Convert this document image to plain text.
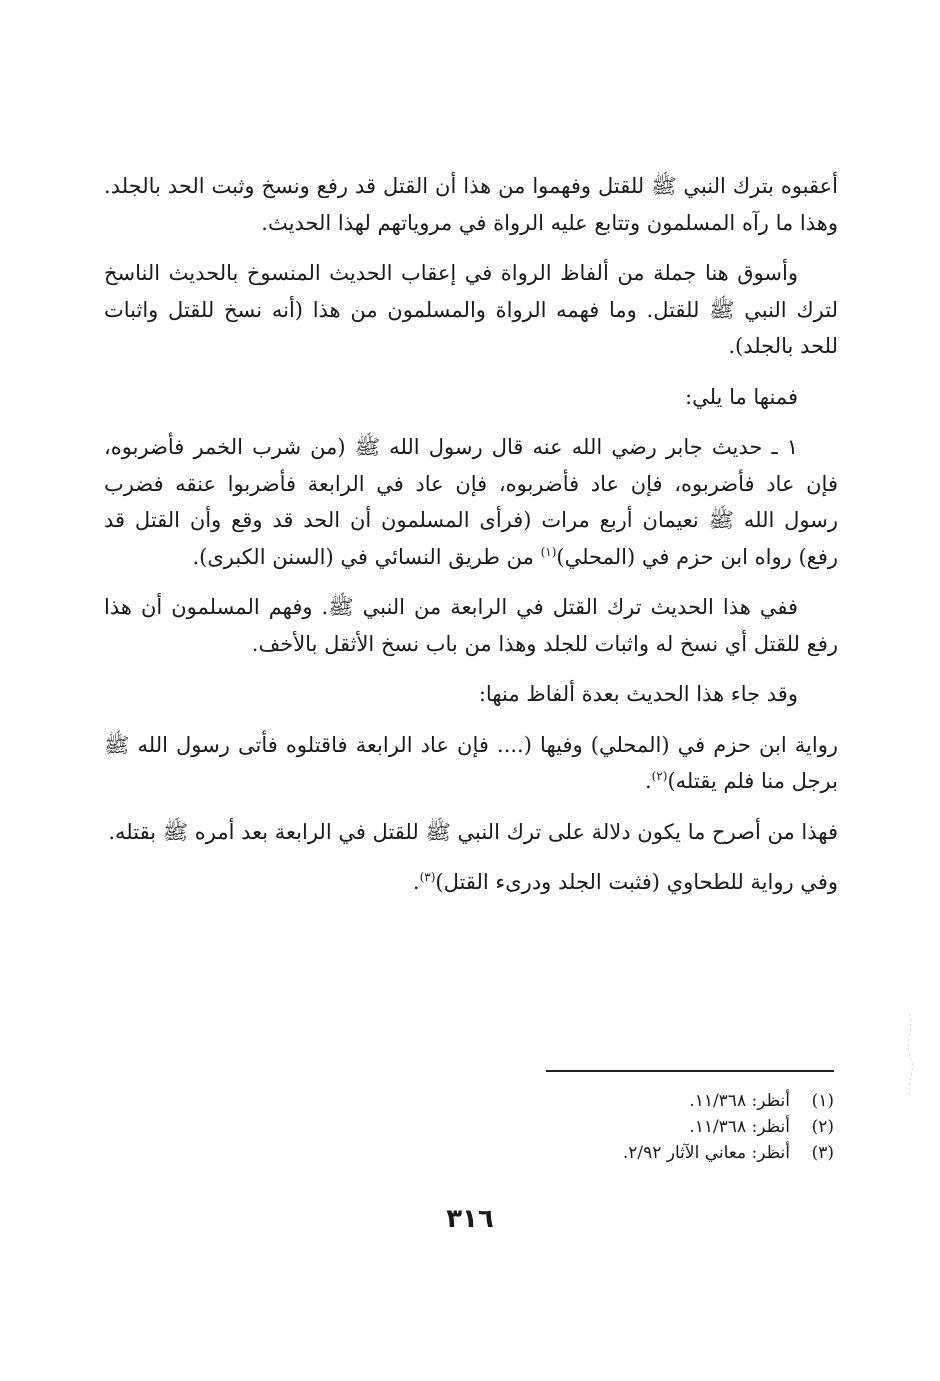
أعقبوه بترك النبي ﷺ للقتل وفهموا من هذا أن القتل قد رفع ونسخ وثبت الحد بالجلد. وهذا ما رآه المسلمون وتتابع عليه الرواة في مروياتهم لهذا الحديث.

وأسوق هنا جملة من ألفاظ الرواة في إعقاب الحديث المنسوخ بالحديث الناسخ لترك النبي ﷺ للقتل. وما فهمه الرواة والمسلمون من هذا (أنه نسخ للقتل واثبات للحد بالجلد).

فمنها ما يلي:

١ ـ حديث جابر رضي الله عنه قال رسول الله ﷺ (من شرب الخمر فأضربوه، فإن عاد فأضربوه، فإن عاد فأضربوه، فإن عاد في الرابعة فأضربوا عنقه فضرب رسول الله ﷺ نعيمان أربع مرات (فرأى المسلمون أن الحد قد وقع وأن القتل قد رفع) رواه ابن حزم في (المحلي)$^{(١)}$ من طريق النسائي في (السنن الكبرى).

ففي هذا الحديث ترك القتل في الرابعة من النبي ﷺ. وفهم المسلمون أن هذا رفع للقتل أي نسخ له واثبات للجلد وهذا من باب نسخ الأثقل بالأخف.

وقد جاء هذا الحديث بعدة ألفاظ منها:

رواية ابن حزم في (المحلي) وفيها (.... فإن عاد الرابعة فاقتلوه فأتى رسول الله ﷺ برجل منا فلم يقتله)$^{(٢)}$.

فهذا من أصرح ما يكون دلالة على ترك النبي ﷺ للقتل في الرابعة بعد أمره ﷺ بقتله.

وفي رواية للطحاوي (فثبت الجلد ودرىء القتل)$^{(٣)}$.

(١)أنظر: ١١/٣٦٨.
(٢)أنظر: ١١/٣٦٨.
(٣)أنظر: معاني الآثار ٢/٩٢.
٣١٦
